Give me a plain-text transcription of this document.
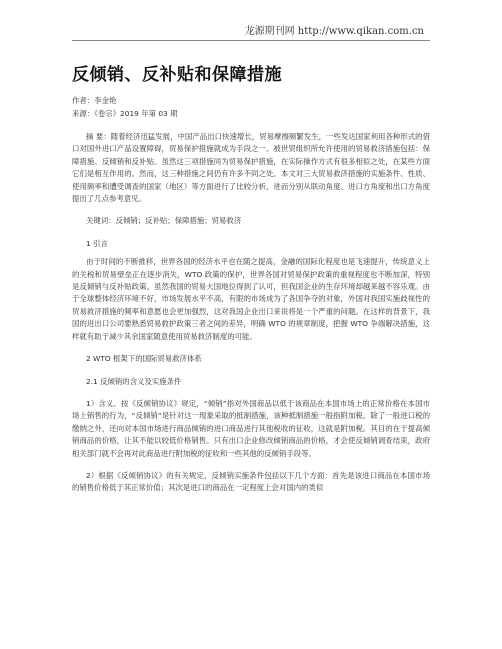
龙源期刊网 http://www.qikan.com.cn
反倾销、反补贴和保障措施
作者：李金艳
来源：《卷宗》2019 年第 03 期

摘 要：随着经济迅猛发展，中国产品出口快速增长，贸易摩擦频繁发生，一些发达国家利用各种形式的借口对国外进口产品设置障碍，贸易保护措施就成为手段之一。被世贸组织所允许使用的贸易救济措施包括：保障措施、反倾销和反补贴。虽然这三项措施同为贸易保护措施，在实际操作方式有很多相似之处，在某些方面它们是相互作用的。然而，这三种措施之间仍有许多不同之处。本文对三大贸易救济措施的实施条件、性质、使用频率和遭受调查的国家（地区）等方面进行了比较分析，进而分别从联动角度、进口方角度和出口方角度提出了几点参考意见。

关键词：反倾销；反补贴；保障措施；贸易救济

1 引言

由于时间的不断推移，世界各国的经济水平也在随之提高，金融的国际化程度也是飞速提升，传统意义上的关税和贸易壁垒正在逐步消失，WTO 政策的保护，世界各国对贸易保护政策的重视程度也不断加深，特别是反倾销与反补贴政策。虽然我国的贸易大国地位得到了认可，但我国企业的生存环境却越来越不容乐观。由于全球整体经济环境不好，市场发展水平不高，有限的市场成为了各国争夺的对象，外国对我国实施歧视性的贸易救济措施的频率和意愿也会更加强烈，这对我国企业出口来说将是一个严重的问题。在这样的背景下，我国的进出口公司要熟悉贸易救护政策三者之间的差异，明确 WTO 的规章制度，把握 WTO 争端解决措施，这样就有助于减少其余国家随意使用贸易救济制度的可能。

2 WTO 框架下的国际贸易救济体系

2.1 反倾销的含义及实施条件

1）含义。按《反倾销协议》规定，“倾销”指对外国商品以低于该商品在本国市场上的正常价格在本国市场上销售的行为，“反倾销”是针对这一现象采取的抵制措施，该种抵制措施一般指附加税。除了一般进口税的缴纳之外，还向对本国市场进行商品倾销的进口商品进行其他税收的征收，这就是附加税。其目的在于提高倾销商品的价格，让其不能以较低价格销售。只有出口企业修改倾销商品的价格，才会使反倾销调查结束，政府相关部门就不会再对此商品进行附加税的征收和一些其他的反倾销手段等。

2）根据《反倾销协议》的有关规定，反倾销实施条件包括以下几个方面：首先是该进口商品在本国市场的销售价格低于其正常价值；其次是进口的商品在一定程度上会对国内的类似
